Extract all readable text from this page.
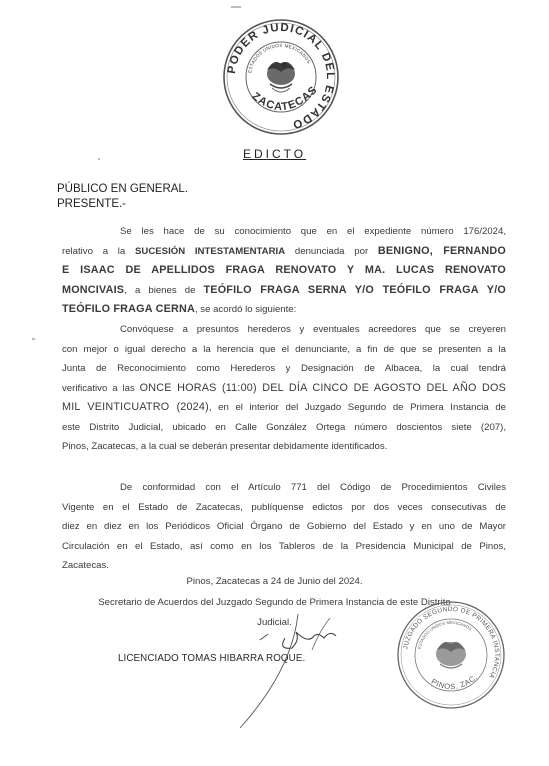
PODER JUDICIAL DEL ESTADO
ESTADOS UNIDOS MEXICANOS
ZACATECAS
EDICTO
PÚBLICO EN GENERAL.
PRESENTE.-
Se les hace de su conocimiento que en el expediente número 176/2024,
relativo a la SUCESIÓN INTESTAMENTARIA denunciada por BENIGNO, FERNANDO
E ISAAC DE APELLIDOS FRAGA RENOVATO Y MA. LUCAS RENOVATO
MONCIVAIS, a bienes de TEÓFILO FRAGA SERNA Y/O TEÓFILO FRAGA Y/O
TEÓFILO FRAGA CERNA, se acordó lo siguiente:
Convóquese a presuntos herederos y eventuales acreedores que se creyeren
con mejor o igual derecho a la herencia que el denunciante, a fin de que se presenten a la
Junta de Reconocimiento como Herederos y Designación de Albacea, la cual tendrá
verificativo a las ONCE HORAS (11:00) DEL DÍA CINCO DE AGOSTO DEL AÑO DOS
MIL VEINTICUATRO (2024), en el interior del Juzgado Segundo de Primera Instancia de
este Distrito Judicial, ubicado en Calle González Ortega número doscientos siete (207),
Pinos, Zacatecas, a la cual se deberán presentar debidamente identificados.
De conformidad con el Artículo 771 del Código de Procedimientos Civiles
Vigente en el Estado de Zacatecas, publíquense edictos por dos veces consecutivas de
diez en diez en los Periódicos Oficial Órgano de Gobierno del Estado y en uno de Mayor
Circulación en el Estado, así como en los Tableros de la Presidencia Municipal de Pinos,
Zacatecas.
Pinos, Zacatecas a 24 de Junio del 2024.
Secretario de Acuerdos del Juzgado Segundo de Primera Instancia de este Distrito
Judicial.
LICENCIADO TOMAS HIBARRA ROQUE.
JUZGADO SEGUNDO DE PRIMERA INSTANCIA
ESTADOS UNIDOS MEXICANOS
PINOS, ZAC.
